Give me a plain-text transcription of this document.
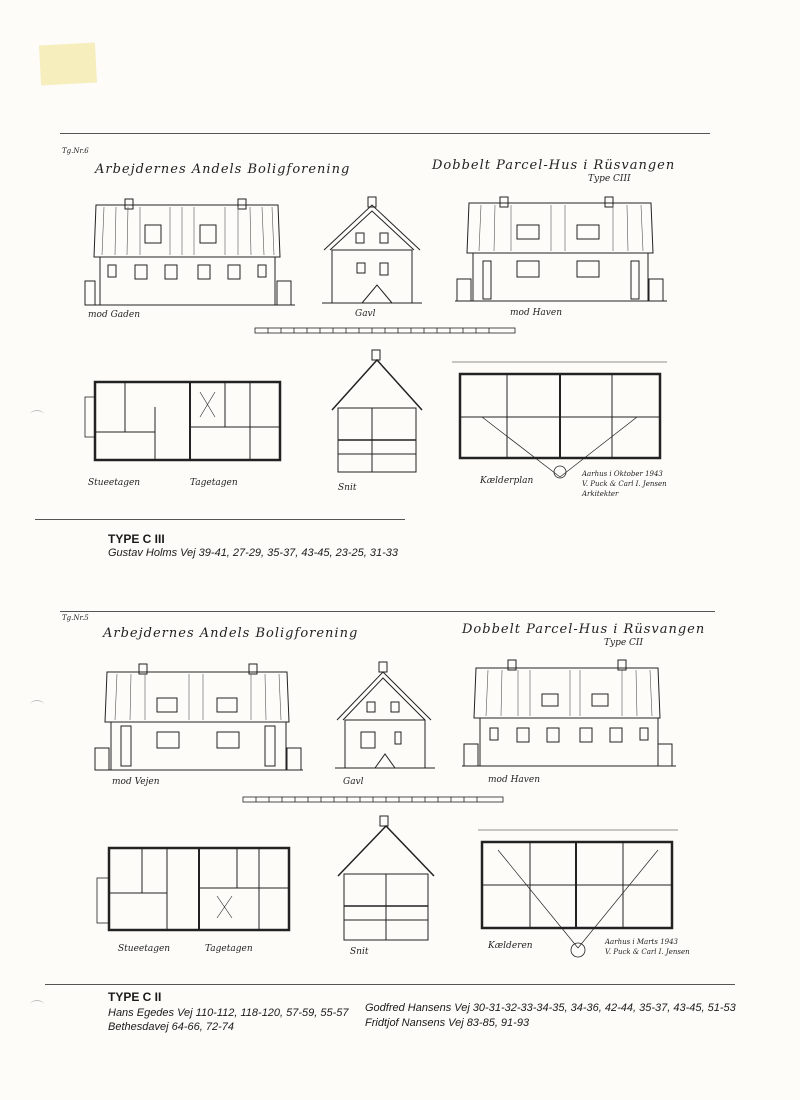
Tg.Nr.6
Arbejdernes Andels Boligforening	Dobbelt Parcel-Hus i Rüsvangen
Type CIII
mod Gaden	Gavl	mod Haven
Stueetagen	Tagetagen	Snit
Kælderplan
Aarhus i Oktober 1943
V. Puck & Carl I. Jensen
Arkitekter
TYPE C III
Gustav Holms Vej 39-41, 27-29, 35-37, 43-45, 23-25, 31-33
Tg.Nr.5
Arbejdernes Andels Boligforening	Dobbelt Parcel-Hus i Rüsvangen
Type CII
mod Vejen	Gavl	mod Haven
Stueetagen	Tagetagen	Snit
Kælderen	Aarhus i Marts 1943
V. Puck & Carl I. Jensen
TYPE C II
Hans Egedes Vej 110-112, 118-120, 57-59, 55-57
Bethesdavej 64-66, 72-74
Godfred Hansens Vej 30-31-32-33-34-35, 34-36, 42-44, 35-37, 43-45, 51-53
Fridtjof Nansens Vej 83-85, 91-93
